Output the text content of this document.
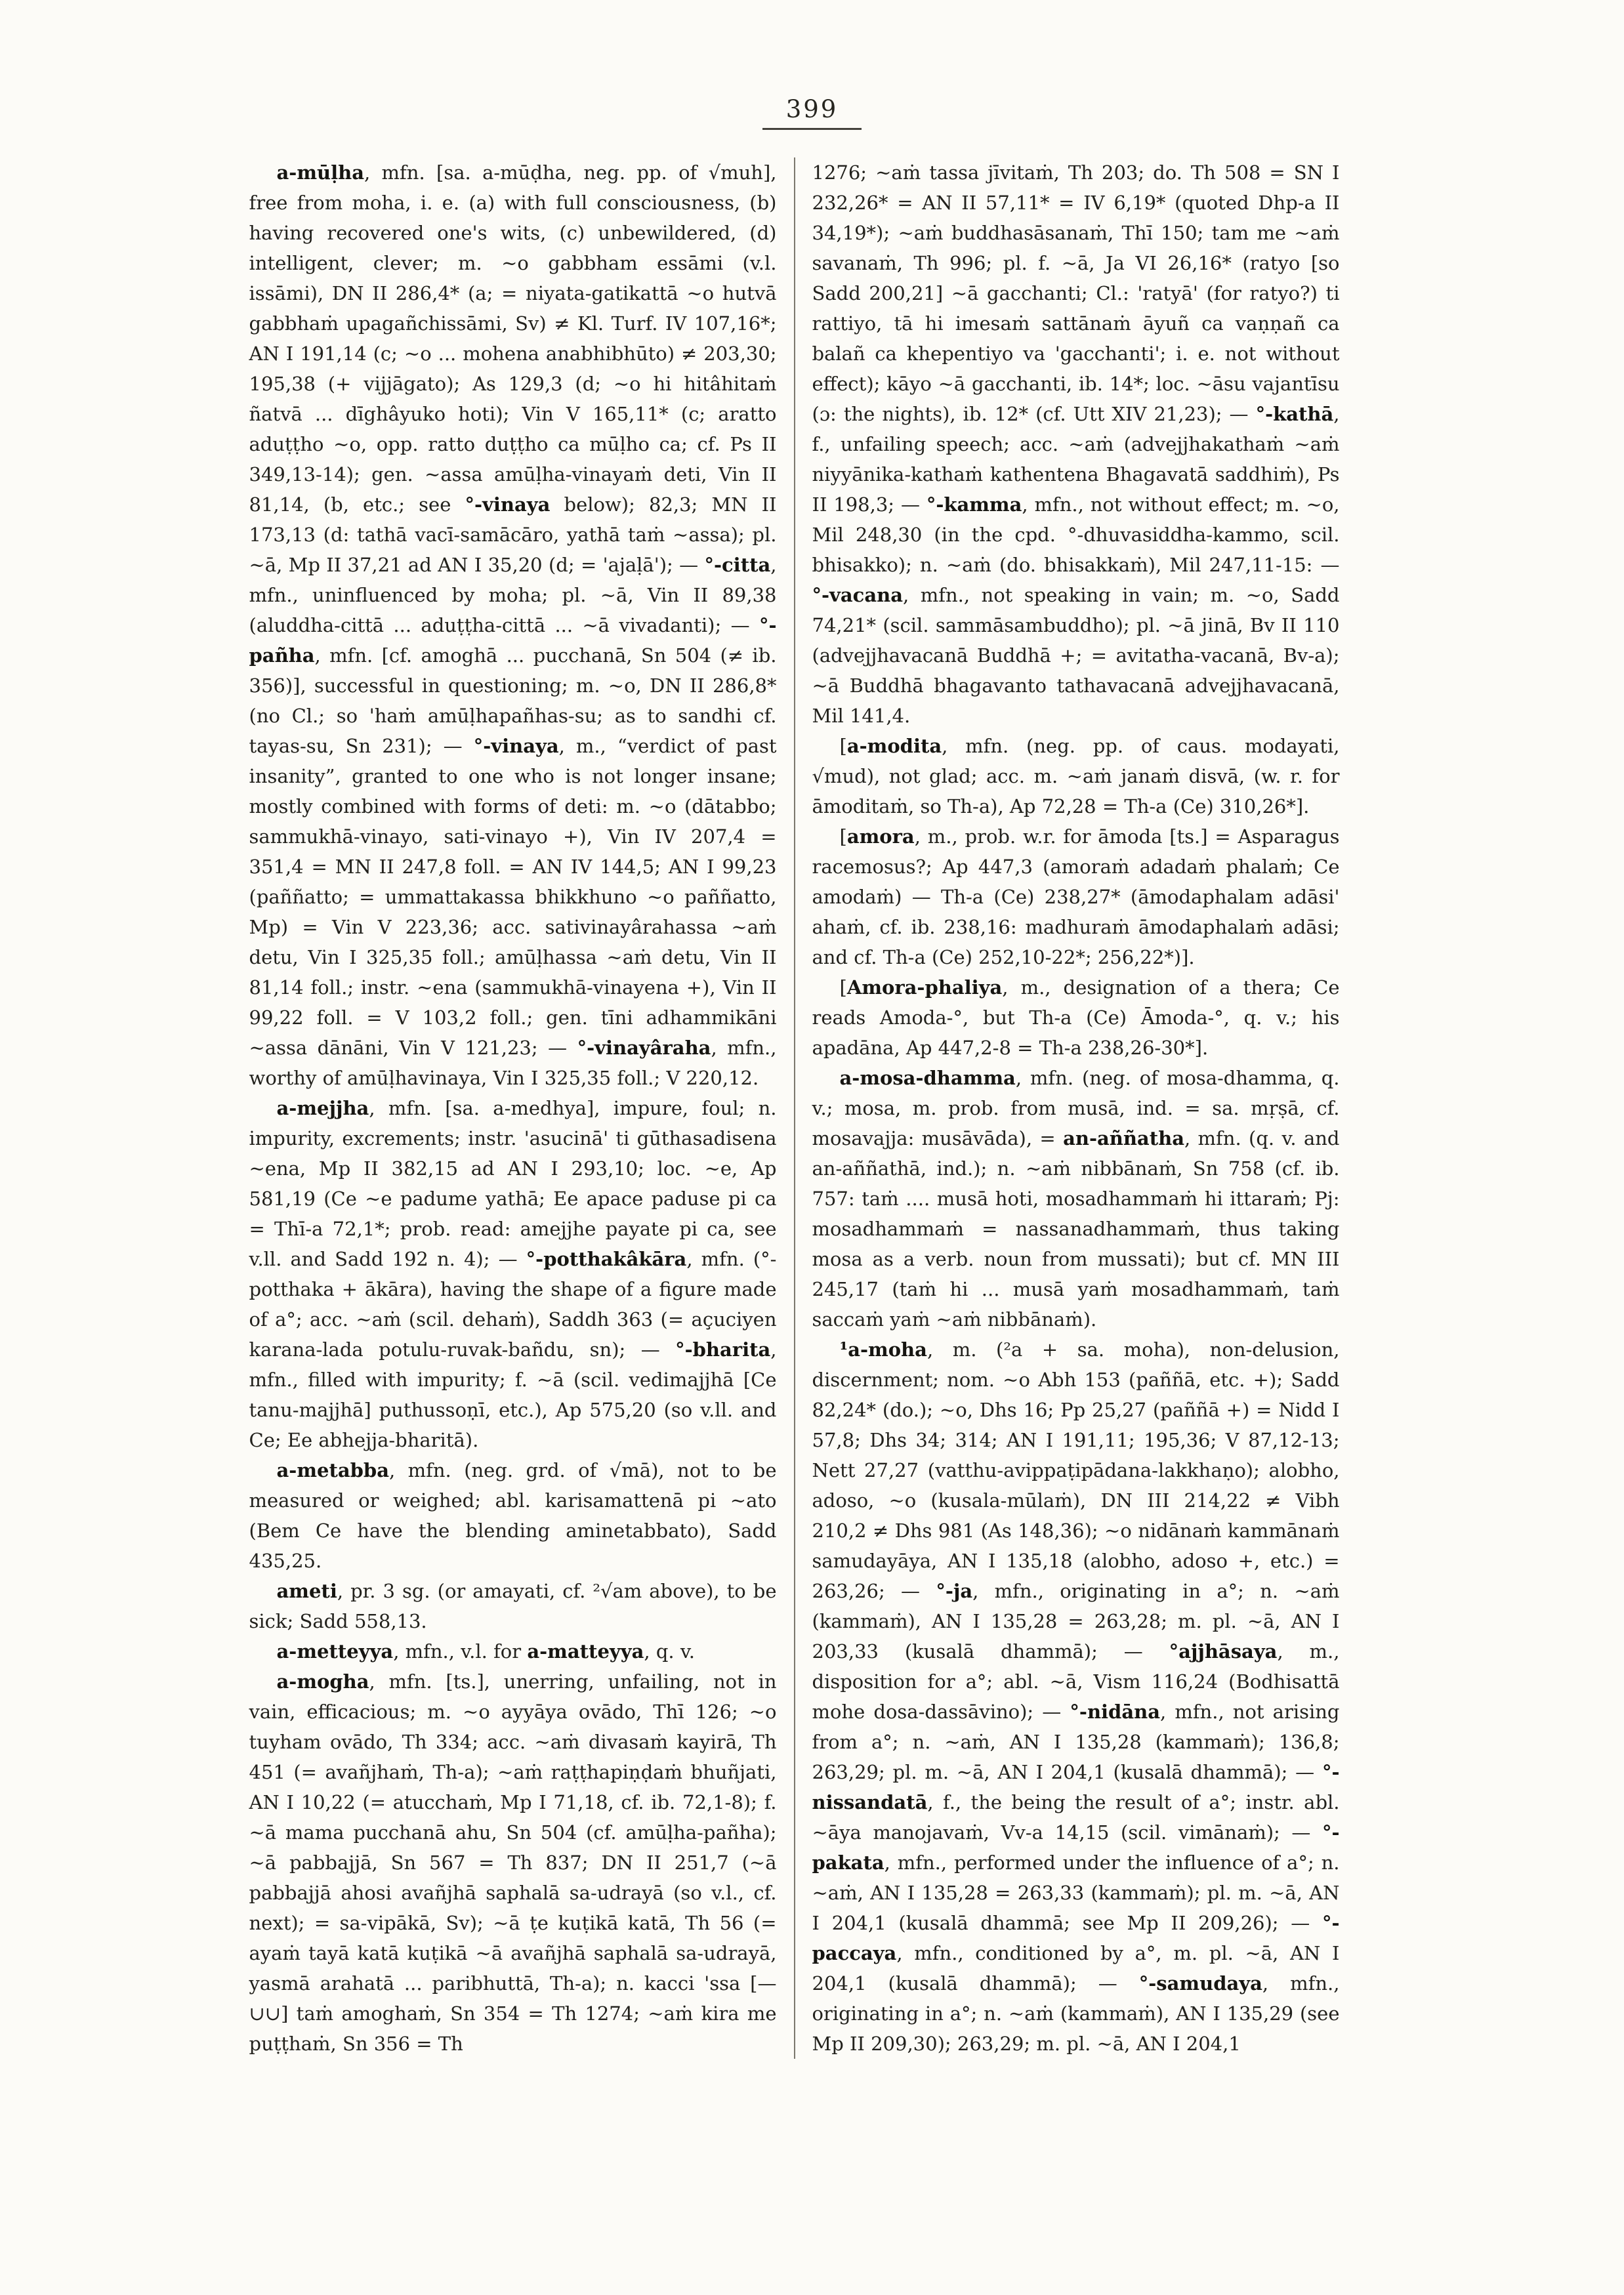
399

a-mūḷha, mfn. [sa. a-mūḍha, neg. pp. of √muh], free from moha, i. e. (a) with full consciousness, (b) having recovered one's wits, (c) unbewildered, (d) intelligent, clever; m. ~o gabbham essāmi (v.l. issāmi), DN II 286,4* (a; = niyata-gatikattā ~o hutvā gabbhaṁ upagañchissāmi, Sv) ≠ Kl. Turf. IV 107,16*; AN I 191,14 (c; ~o ... mohena anabhibhūto) ≠ 203,30; 195,38 (+ vijjāgato); As 129,3 (d; ~o hi hitâhitaṁ ñatvā ... dīghâyuko hoti); Vin V 165,11* (c; aratto aduṭṭho ~o, opp. ratto duṭṭho ca mūḷho ca; cf. Ps II 349,13-14); gen. ~assa amūḷha-vinayaṁ deti, Vin II 81,14, (b, etc.; see °-vinaya below); 82,3; MN II 173,13 (d: tathā vacī-samācāro, yathā taṁ ~assa); pl. ~ā, Mp II 37,21 ad AN I 35,20 (d; = 'ajaḷā'); — °-citta, mfn., uninfluenced by moha; pl. ~ā, Vin II 89,38 (aluddha-cittā ... aduṭṭha-cittā ... ~ā vivadanti); — °-pañha, mfn. [cf. amoghā ... pucchanā, Sn 504 (≠ ib. 356)], successful in questioning; m. ~o, DN II 286,8* (no Cl.; so 'haṁ amūḷhapañhas-su; as to sandhi cf. tayas-su, Sn 231); — °-vinaya, m., “verdict of past insanity”, granted to one who is not longer insane; mostly combined with forms of deti: m. ~o (dātabbo; sammukhā-vinayo, sati-vinayo +), Vin IV 207,4 = 351,4 = MN II 247,8 foll. = AN IV 144,5; AN I 99,23 (paññatto; = ummattakassa bhikkhuno ~o paññatto, Mp) = Vin V 223,36; acc. sativinayârahassa ~aṁ detu, Vin I 325,35 foll.; amūḷhassa ~aṁ detu, Vin II 81,14 foll.; instr. ~ena (sammukhā-vinayena +), Vin II 99,22 foll. = V 103,2 foll.; gen. tīni adhammikāni ~assa dānāni, Vin V 121,23; — °-vinayâraha, mfn., worthy of amūḷhavinaya, Vin I 325,35 foll.; V 220,12.

a-mejjha, mfn. [sa. a-medhya], impure, foul; n. impurity, excrements; instr. 'asucinā' ti gūthasadisena ~ena, Mp II 382,15 ad AN I 293,10; loc. ~e, Ap 581,19 (Ce ~e padume yathā; Ee apace paduse pi ca = Thī-a 72,1*; prob. read: amejjhe payate pi ca, see v.ll. and Sadd 192 n. 4); — °-potthakâkāra, mfn. (°-potthaka + ākāra), having the shape of a figure made of a°; acc. ~aṁ (scil. dehaṁ), Saddh 363 (= açuciyen karana-lada potulu-ruvak-bañdu, sn); — °-bharita, mfn., filled with impurity; f. ~ā (scil. vedimajjhā [Ce tanu-majjhā] puthussoṇī, etc.), Ap 575,20 (so v.ll. and Ce; Ee abhejja-bharitā).

a-metabba, mfn. (neg. grd. of √mā), not to be measured or weighed; abl. karisamattenā pi ~ato (Bem Ce have the blending aminetabbato), Sadd 435,25.

ameti, pr. 3 sg. (or amayati, cf. ²√am above), to be sick; Sadd 558,13.

a-metteyya, mfn., v.l. for a-matteyya, q. v.

a-mogha, mfn. [ts.], unerring, unfailing, not in vain, efficacious; m. ~o ayyāya ovādo, Thī 126; ~o tuyham ovādo, Th 334; acc. ~aṁ divasaṁ kayirā, Th 451 (= avañjhaṁ, Th-a); ~aṁ raṭṭhapiṇḍaṁ bhuñjati, AN I 10,22 (= atucchaṁ, Mp I 71,18, cf. ib. 72,1-8); f. ~ā mama pucchanā ahu, Sn 504 (cf. amūḷha-pañha); ~ā pabbajjā, Sn 567 = Th 837; DN II 251,7 (~ā pabbajjā ahosi avañjhā saphalā sa-udrayā (so v.l., cf. next); = sa-vipākā, Sv); ~ā ṭe kuṭikā katā, Th 56 (= ayaṁ tayā katā kuṭikā ~ā avañjhā saphalā sa-udrayā, yasmā arahatā ... paribhuttā, Th-a); n. kacci 'ssa [—∪∪] taṁ amoghaṁ, Sn 354 = Th 1274; ~aṁ kira me puṭṭhaṁ, Sn 356 = Th

1276; ~aṁ tassa jīvitaṁ, Th 203; do. Th 508 = SN I 232,26* = AN II 57,11* = IV 6,19* (quoted Dhp-a II 34,19*); ~aṁ buddhasāsanaṁ, Thī 150; tam me ~aṁ savanaṁ, Th 996; pl. f. ~ā, Ja VI 26,16* (ratyo [so Sadd 200,21] ~ā gacchanti; Cl.: 'ratyā' (for ratyo?) ti rattiyo, tā hi imesaṁ sattānaṁ āyuñ ca vaṇṇañ ca balañ ca khepentiyo va 'gacchanti'; i. e. not without effect); kāyo ~ā gacchanti, ib. 14*; loc. ~āsu vajantīsu (ɔ: the nights), ib. 12* (cf. Utt XIV 21,23); — °-kathā, f., unfailing speech; acc. ~aṁ (advejjhakathaṁ ~aṁ niyyānika-kathaṁ kathentena Bhagavatā saddhiṁ), Ps II 198,3; — °-kamma, mfn., not without effect; m. ~o, Mil 248,30 (in the cpd. °-dhuvasiddha-kammo, scil. bhisakko); n. ~aṁ (do. bhisakkaṁ), Mil 247,11-15: — °-vacana, mfn., not speaking in vain; m. ~o, Sadd 74,21* (scil. sammāsambuddho); pl. ~ā jinā, Bv II 110 (advejjhavacanā Buddhā +; = avitatha-vacanā, Bv-a); ~ā Buddhā bhagavanto tathavacanā advejjhavacanā, Mil 141,4.

[a-modita, mfn. (neg. pp. of caus. modayati, √mud), not glad; acc. m. ~aṁ janaṁ disvā, (w. r. for āmoditaṁ, so Th-a), Ap 72,28 = Th-a (Ce) 310,26*].

[amora, m., prob. w.r. for āmoda [ts.] = Asparagus racemosus?; Ap 447,3 (amoraṁ adadaṁ phalaṁ; Ce amodaṁ) — Th-a (Ce) 238,27* (āmodaphalam adāsi' ahaṁ, cf. ib. 238,16: madhuraṁ āmodaphalaṁ adāsi; and cf. Th-a (Ce) 252,10-22*; 256,22*)].

[Amora-phaliya, m., designation of a thera; Ce reads Amoda-°, but Th-a (Ce) Āmoda-°, q. v.; his apadāna, Ap 447,2-8 = Th-a 238,26-30*].

a-mosa-dhamma, mfn. (neg. of mosa-dhamma, q. v.; mosa, m. prob. from musā, ind. = sa. mṛṣā, cf. mosavajja: musāvāda), = an-aññatha, mfn. (q. v. and an-aññathā, ind.); n. ~aṁ nibbānaṁ, Sn 758 (cf. ib. 757: taṁ .... musā hoti, mosadhammaṁ hi ittaraṁ; Pj: mosadhammaṁ = nassanadhammaṁ, thus taking mosa as a verb. noun from mussati); but cf. MN III 245,17 (taṁ hi ... musā yaṁ mosadhammaṁ, taṁ saccaṁ yaṁ ~aṁ nibbānaṁ).

¹a-moha, m. (²a + sa. moha), non-delusion, discernment; nom. ~o Abh 153 (paññā, etc. +); Sadd 82,24* (do.); ~o, Dhs 16; Pp 25,27 (paññā +) = Nidd I 57,8; Dhs 34; 314; AN I 191,11; 195,36; V 87,12-13; Nett 27,27 (vatthu-avippaṭipādana-lakkhaṇo); alobho, adoso, ~o (kusala-mūlaṁ), DN III 214,22 ≠ Vibh 210,2 ≠ Dhs 981 (As 148,36); ~o nidānaṁ kammānaṁ samudayāya, AN I 135,18 (alobho, adoso +, etc.) = 263,26; — °-ja, mfn., originating in a°; n. ~aṁ (kammaṁ), AN I 135,28 = 263,28; m. pl. ~ā, AN I 203,33 (kusalā dhammā); — °ajjhāsaya, m., disposition for a°; abl. ~ā, Vism 116,24 (Bodhisattā mohe dosa-dassāvino); — °-nidāna, mfn., not arising from a°; n. ~aṁ, AN I 135,28 (kammaṁ); 136,8; 263,29; pl. m. ~ā, AN I 204,1 (kusalā dhammā); — °-nissandatā, f., the being the result of a°; instr. abl. ~āya manojavaṁ, Vv-a 14,15 (scil. vimānaṁ); — °-pakata, mfn., performed under the influence of a°; n. ~aṁ, AN I 135,28 = 263,33 (kammaṁ); pl. m. ~ā, AN I 204,1 (kusalā dhammā; see Mp II 209,26); — °-paccaya, mfn., conditioned by a°, m. pl. ~ā, AN I 204,1 (kusalā dhammā); — °-samudaya, mfn., originating in a°; n. ~aṁ (kammaṁ), AN I 135,29 (see Mp II 209,30); 263,29; m. pl. ~ā, AN I 204,1
